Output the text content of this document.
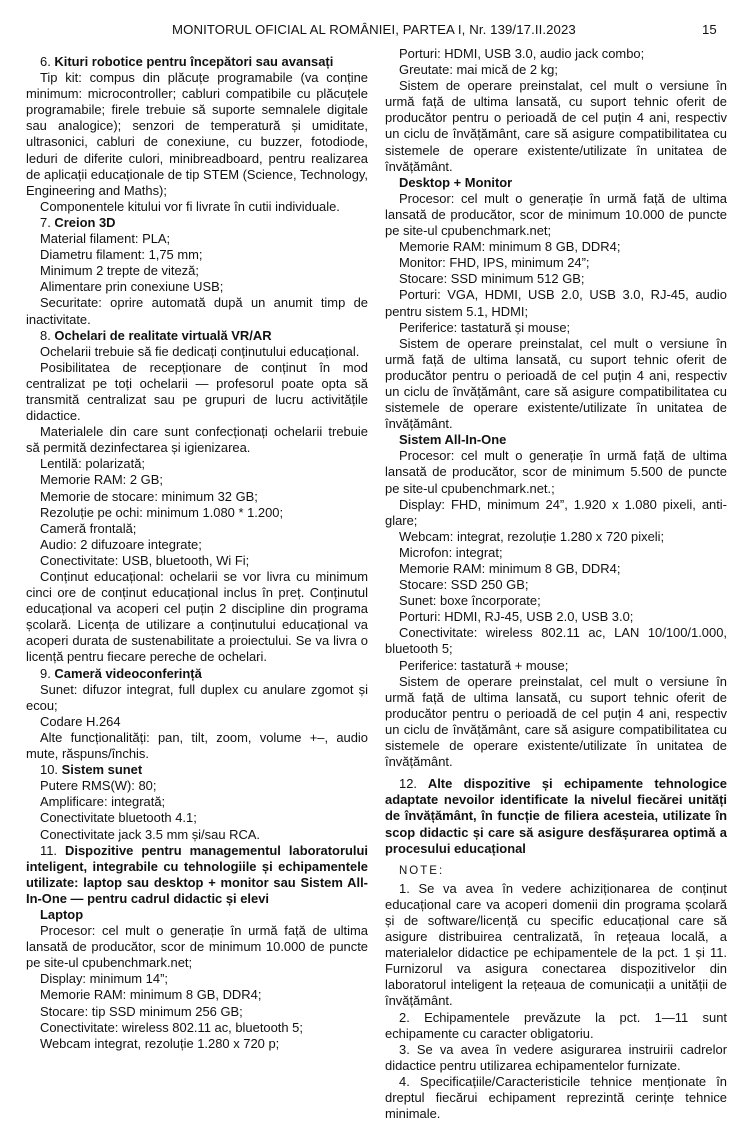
MONITORUL OFICIAL AL ROMÂNIEI, PARTEA I, Nr. 139/17.II.2023	15

6. Kituri robotice pentru începători sau avansați

Tip kit: compus din plăcuțe programabile (va conține minimum: microcontroller; cabluri compatibile cu plăcuțele programabile; firele trebuie să suporte semnalele digitale sau analogice); senzori de temperatură și umiditate, ultrasonici, cabluri de conexiune, cu buzzer, fotodiode, leduri de diferite culori, minibreadboard, pentru realizarea de aplicații educaționale de tip STEM (Science, Technology, Engineering and Maths);

Componentele kitului vor fi livrate în cutii individuale.

7. Creion 3D

Material filament: PLA;

Diametru filament: 1,75 mm;

Minimum 2 trepte de viteză;

Alimentare prin conexiune USB;

Securitate: oprire automată după un anumit timp de inactivitate.

8. Ochelari de realitate virtuală VR/AR

Ochelarii trebuie să fie dedicați conținutului educațional.

Posibilitatea de recepționare de conținut în mod centralizat pe toți ochelarii — profesorul poate opta să transmită centralizat sau pe grupuri de lucru activitățile didactice.

Materialele din care sunt confecționați ochelarii trebuie să permită dezinfectarea și igienizarea.

Lentilă: polarizată;

Memorie RAM: 2 GB;

Memorie de stocare: minimum 32 GB;

Rezoluție pe ochi: minimum 1.080 * 1.200;

Cameră frontală;

Audio: 2 difuzoare integrate;

Conectivitate: USB, bluetooth, Wi Fi;

Conținut educațional: ochelarii se vor livra cu minimum cinci ore de conținut educațional inclus în preț. Conținutul educațional va acoperi cel puțin 2 discipline din programa școlară. Licența de utilizare a conținutului educațional va acoperi durata de sustenabilitate a proiectului. Se va livra o licență pentru fiecare pereche de ochelari.

9. Cameră videoconferință

Sunet: difuzor integrat, full duplex cu anulare zgomot și ecou;

Codare H.264

Alte funcționalități: pan, tilt, zoom, volume +–, audio mute, răspuns/închis.

10. Sistem sunet

Putere RMS(W): 80;

Amplificare: integrată;

Conectivitate bluetooth 4.1;

Conectivitate jack 3.5 mm și/sau RCA.

11. Dispozitive pentru managementul laboratorului inteligent, integrabile cu tehnologiile și echipamentele utilizate: laptop sau desktop + monitor sau Sistem All-In-One — pentru cadrul didactic și elevi

Laptop

Procesor: cel mult o generație în urmă față de ultima lansată de producător, scor de minimum 10.000 de puncte pe site-ul cpubenchmark.net;

Display: minimum 14”;

Memorie RAM: minimum 8 GB, DDR4;

Stocare: tip SSD minimum 256 GB;

Conectivitate: wireless 802.11 ac, bluetooth 5;

Webcam integrat, rezoluție 1.280 x 720 p;

Porturi: HDMI, USB 3.0, audio jack combo;

Greutate: mai mică de 2 kg;

Sistem de operare preinstalat, cel mult o versiune în urmă față de ultima lansată, cu suport tehnic oferit de producător pentru o perioadă de cel puțin 4 ani, respectiv un ciclu de învățământ, care să asigure compatibilitatea cu sistemele de operare existente/utilizate în unitatea de învățământ.

Desktop + Monitor

Procesor: cel mult o generație în urmă față de ultima lansată de producător, scor de minimum 10.000 de puncte pe site-ul cpubenchmark.net;

Memorie RAM: minimum 8 GB, DDR4;

Monitor: FHD, IPS, minimum 24”;

Stocare: SSD minimum 512 GB;

Porturi: VGA, HDMI, USB 2.0, USB 3.0, RJ-45, audio pentru sistem 5.1, HDMI;

Periferice: tastatură și mouse;

Sistem de operare preinstalat, cel mult o versiune în urmă față de ultima lansată, cu suport tehnic oferit de producător pentru o perioadă de cel puțin 4 ani, respectiv un ciclu de învățământ, care să asigure compatibilitatea cu sistemele de operare existente/utilizate în unitatea de învățământ.

Sistem All-In-One

Procesor: cel mult o generație în urmă față de ultima lansată de producător, scor de minimum 5.500 de puncte pe site-ul cpubenchmark.net.;

Display: FHD, minimum 24”, 1.920 x 1.080 pixeli, anti-glare;

Webcam: integrat, rezoluție 1.280 x 720 pixeli;

Microfon: integrat;

Memorie RAM: minimum 8 GB, DDR4;

Stocare: SSD 250 GB;

Sunet: boxe încorporate;

Porturi: HDMI, RJ-45, USB 2.0, USB 3.0;

Conectivitate: wireless 802.11 ac, LAN 10/100/1.000, bluetooth 5;

Periferice: tastatură + mouse;

Sistem de operare preinstalat, cel mult o versiune în urmă față de ultima lansată, cu suport tehnic oferit de producător pentru o perioadă de cel puțin 4 ani, respectiv un ciclu de învățământ, care să asigure compatibilitatea cu sistemele de operare existente/utilizate în unitatea de învățământ.

12. Alte dispozitive și echipamente tehnologice adaptate nevoilor identificate la nivelul fiecărei unități de învățământ, în funcție de filiera acesteia, utilizate în scop didactic și care să asigure desfășurarea optimă a procesului educațional

NOTE:

1. Se va avea în vedere achiziționarea de conținut educațional care va acoperi domenii din programa școlară și de software/licență cu specific educațional care să asigure distribuirea centralizată, în rețeaua locală, a materialelor didactice pe echipamentele de la pct. 1 și 11. Furnizorul va asigura conectarea dispozitivelor din laboratorul inteligent la rețeaua de comunicații a unității de învățământ.

2. Echipamentele prevăzute la pct. 1—11 sunt echipamente cu caracter obligatoriu.

3. Se va avea în vedere asigurarea instruirii cadrelor didactice pentru utilizarea echipamentelor furnizate.

4. Specificațiile/Caracteristicile tehnice menționate în dreptul fiecărui echipament reprezintă cerințe tehnice minimale.
